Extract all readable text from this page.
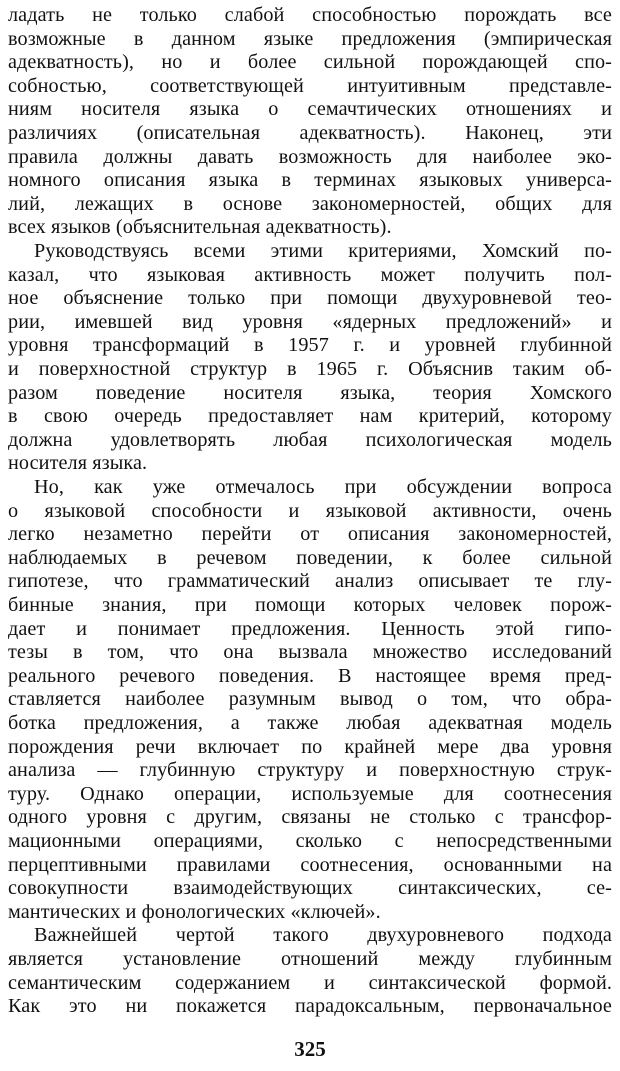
ладать не только слабой способностью порождать все
возможные в данном языке предложения (эмпирическая
адекватность), но и более сильной порождающей спо-
собностью, соответствующей интуитивным представле-
ниям носителя языка о семачтических отношениях и
различиях (описательная адекватность). Наконец, эти
правила должны давать возможность для наиболее эко-
номного описания языка в терминах языковых универса-
лий, лежащих в основе закономерностей, общих для
всех языков (объяснительная адекватность).
Руководствуясь всеми этими критериями, Хомский по-
казал, что языковая активность может получить пол-
ное объяснение только при помощи двухуровневой тео-
рии, имевшей вид уровня «ядерных предложений» и
уровня трансформаций в 1957 г. и уровней глубинной
и поверхностной структур в 1965 г. Объяснив таким об-
разом поведение носителя языка, теория Хомского
в свою очередь предоставляет нам критерий, которому
должна удовлетворять любая психологическая модель
носителя языка.
Но, как уже отмечалось при обсуждении вопроса
о языковой способности и языковой активности, очень
легко незаметно перейти от описания закономерностей,
наблюдаемых в речевом поведении, к более сильной
гипотезе, что грамматический анализ описывает те глу-
бинные знания, при помощи которых человек порож-
дает и понимает предложения. Ценность этой гипо-
тезы в том, что она вызвала множество исследований
реального речевого поведения. В настоящее время пред-
ставляется наиболее разумным вывод о том, что обра-
ботка предложения, а также любая адекватная модель
порождения речи включает по крайней мере два уровня
анализа — глубинную структуру и поверхностную струк-
туру. Однако операции, используемые для соотнесения
одного уровня с другим, связаны не столько с трансфор-
мационными операциями, сколько с непосредственными
перцептивными правилами соотнесения, основанными на
совокупности взаимодействующих синтаксических, се-
мантических и фонологических «ключей».
Важнейшей чертой такого двухуровневого подхода
является установление отношений между глубинным
семантическим содержанием и синтаксической формой.
Как это ни покажется парадоксальным, первоначальное
325
